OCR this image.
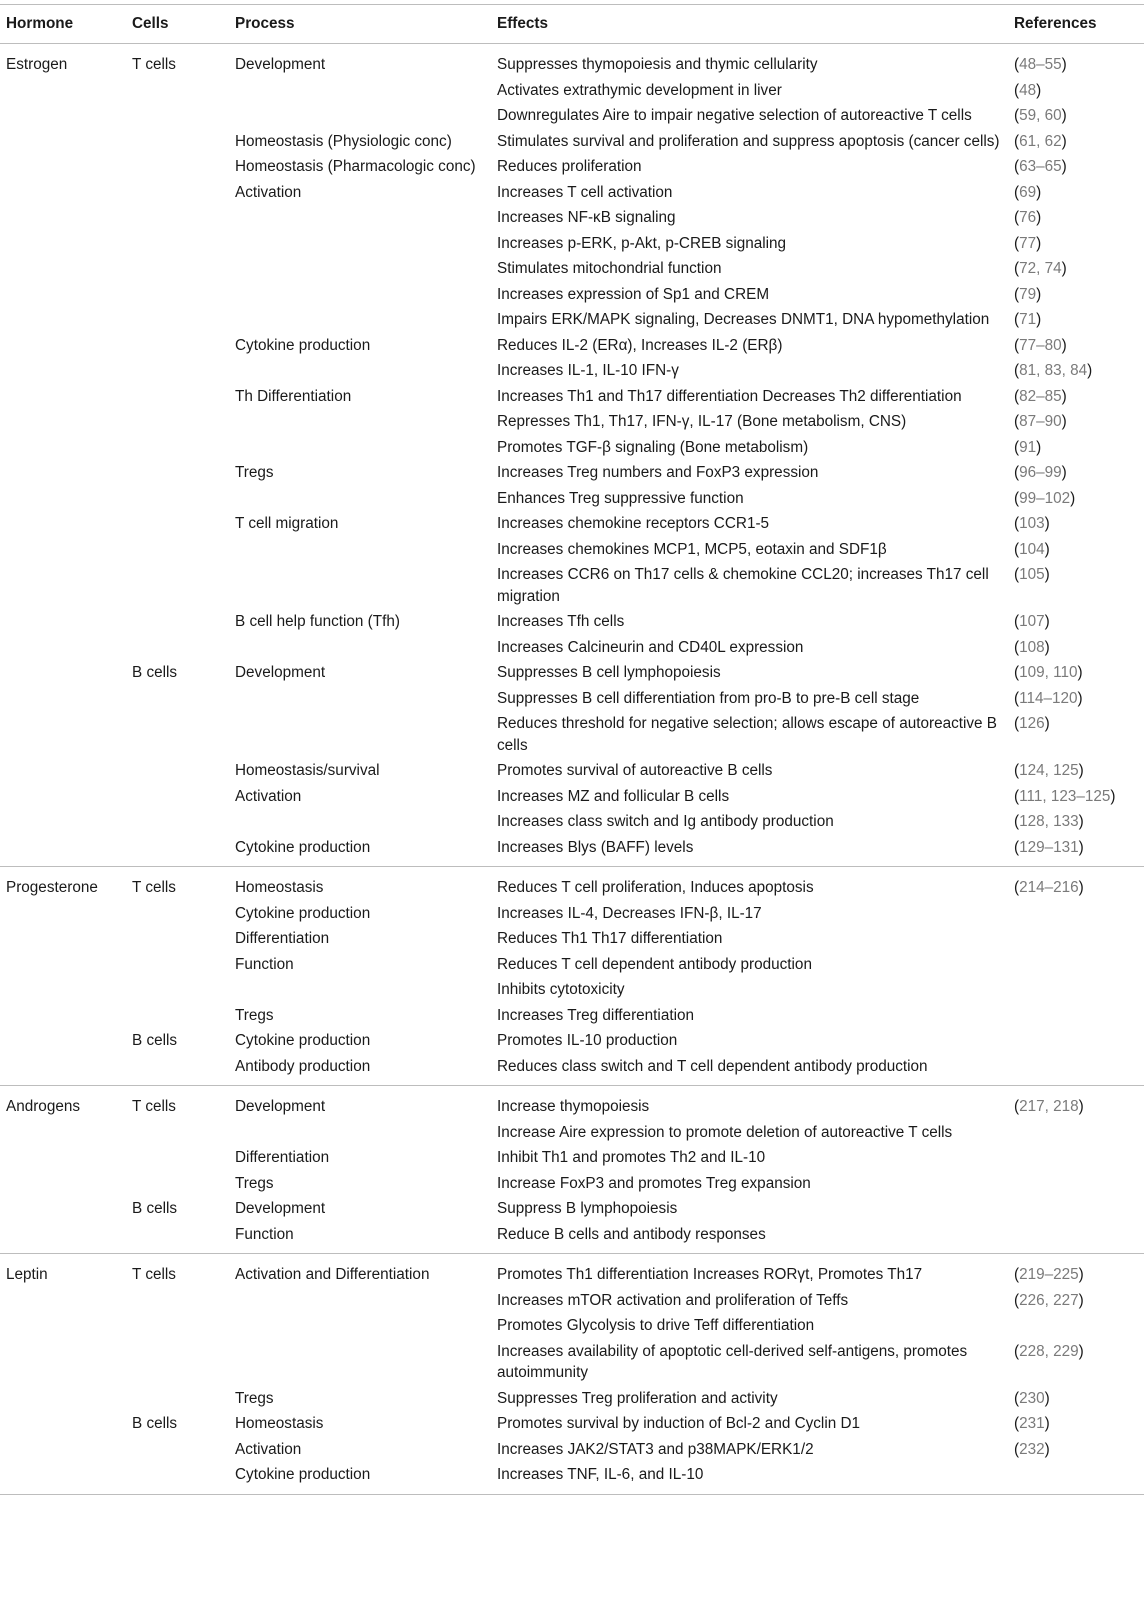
Hormone	Cells	Process	Effects	References
Estrogen	T cells	Development	Suppresses thymopoiesis and thymic cellularity	(48–55)
			Activates extrathymic development in liver	(48)
			Downregulates Aire to impair negative selection of autoreactive T cells	(59, 60)
		Homeostasis (Physiologic conc)	Stimulates survival and proliferation and suppress apoptosis (cancer cells)	(61, 62)
		Homeostasis (Pharmacologic conc)	Reduces proliferation	(63–65)
		Activation	Increases T cell activation	(69)
			Increases NF-κB signaling	(76)
			Increases p-ERK, p-Akt, p-CREB signaling	(77)
			Stimulates mitochondrial function	(72, 74)
			Increases expression of Sp1 and CREM	(79)
			Impairs ERK/MAPK signaling, Decreases DNMT1, DNA hypomethylation	(71)
		Cytokine production	Reduces IL-2 (ERα), Increases IL-2 (ERβ)	(77–80)
			Increases IL-1, IL-10 IFN-γ	(81, 83, 84)
		Th Differentiation	Increases Th1 and Th17 differentiation Decreases Th2 differentiation	(82–85)
			Represses Th1, Th17, IFN-γ, IL-17 (Bone metabolism, CNS)	(87–90)
			Promotes TGF-β signaling (Bone metabolism)	(91)
		Tregs	Increases Treg numbers and FoxP3 expression	(96–99)
			Enhances Treg suppressive function	(99–102)
		T cell migration	Increases chemokine receptors CCR1-5	(103)
			Increases chemokines MCP1, MCP5, eotaxin and SDF1β	(104)
			Increases CCR6 on Th17 cells & chemokine CCL20; increases Th17 cell migration	(105)
		B cell help function (Tfh)	Increases Tfh cells	(107)
			Increases Calcineurin and CD40L expression	(108)
	B cells	Development	Suppresses B cell lymphopoiesis	(109, 110)
			Suppresses B cell differentiation from pro-B to pre-B cell stage	(114–120)
			Reduces threshold for negative selection; allows escape of autoreactive B cells	(126)
		Homeostasis/survival	Promotes survival of autoreactive B cells	(124, 125)
		Activation	Increases MZ and follicular B cells	(111, 123–125)
			Increases class switch and Ig antibody production	(128, 133)
		Cytokine production	Increases Blys (BAFF) levels	(129–131)
Progesterone	T cells	Homeostasis	Reduces T cell proliferation, Induces apoptosis	(214–216)
		Cytokine production	Increases IL-4, Decreases IFN-β, IL-17	
		Differentiation	Reduces Th1 Th17 differentiation	
		Function	Reduces T cell dependent antibody production	
			Inhibits cytotoxicity	
		Tregs	Increases Treg differentiation	
	B cells	Cytokine production	Promotes IL-10 production	
		Antibody production	Reduces class switch and T cell dependent antibody production	
Androgens	T cells	Development	Increase thymopoiesis	(217, 218)
			Increase Aire expression to promote deletion of autoreactive T cells	
		Differentiation	Inhibit Th1 and promotes Th2 and IL-10	
		Tregs	Increase FoxP3 and promotes Treg expansion	
	B cells	Development	Suppress B lymphopoiesis	
		Function	Reduce B cells and antibody responses	
Leptin	T cells	Activation and Differentiation	Promotes Th1 differentiation Increases RORγt, Promotes Th17	(219–225)
			Increases mTOR activation and proliferation of Teffs	(226, 227)
			Promotes Glycolysis to drive Teff differentiation	
			Increases availability of apoptotic cell-derived self-antigens, promotes autoimmunity	(228, 229)
		Tregs	Suppresses Treg proliferation and activity	(230)
	B cells	Homeostasis	Promotes survival by induction of Bcl-2 and Cyclin D1	(231)
		Activation	Increases JAK2/STAT3 and p38MAPK/ERK1/2	(232)
		Cytokine production	Increases TNF, IL-6, and IL-10	
